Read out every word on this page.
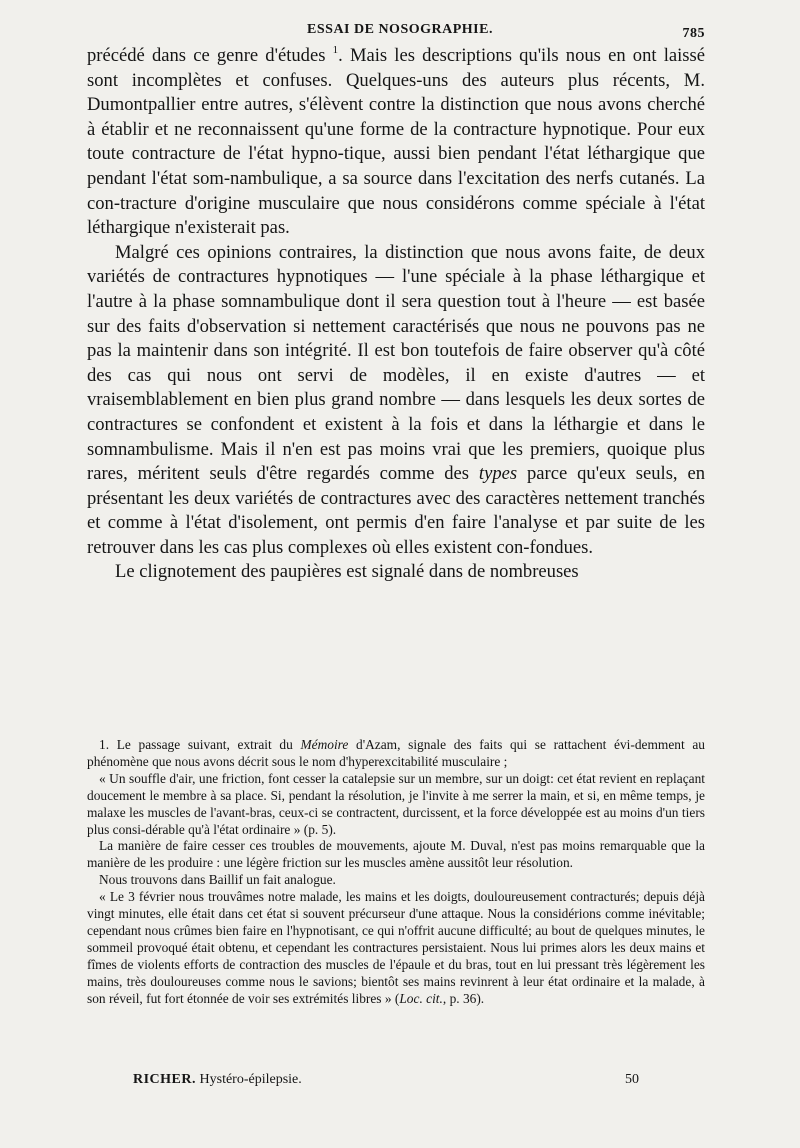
ESSAI DE NOSOGRAPHIE.	785

précédé dans ce genre d'études $^1$. Mais les descriptions qu'ils nous en ont laissé sont incomplètes et confuses. Quelques-uns des auteurs plus récents, M. Dumontpallier entre autres, s'élèvent contre la distinction que nous avons cherché à établir et ne reconnaissent qu'une forme de la contracture hypnotique. Pour eux toute contracture de l'état hypno-tique, aussi bien pendant l'état léthargique que pendant l'état som-nambulique, a sa source dans l'excitation des nerfs cutanés. La con-tracture d'origine musculaire que nous considérons comme spéciale à l'état léthargique n'existerait pas.

Malgré ces opinions contraires, la distinction que nous avons faite, de deux variétés de contractures hypnotiques — l'une spéciale à la phase léthargique et l'autre à la phase somnambulique dont il sera question tout à l'heure — est basée sur des faits d'observation si nettement caractérisés que nous ne pouvons pas ne pas la maintenir dans son intégrité. Il est bon toutefois de faire observer qu'à côté des cas qui nous ont servi de modèles, il en existe d'autres — et vraisemblablement en bien plus grand nombre — dans lesquels les deux sortes de contractures se confondent et existent à la fois et dans la léthargie et dans le somnambulisme. Mais il n'en est pas moins vrai que les premiers, quoique plus rares, méritent seuls d'être regardés comme des types parce qu'eux seuls, en présentant les deux variétés de contractures avec des caractères nettement tranchés et comme à l'état d'isolement, ont permis d'en faire l'analyse et par suite de les retrouver dans les cas plus complexes où elles existent con-fondues.

Le clignotement des paupières est signalé dans de nombreuses

1. Le passage suivant, extrait du Mémoire d'Azam, signale des faits qui se rattachent évi-demment au phénomène que nous avons décrit sous le nom d'hyperexcitabilité musculaire ;

« Un souffle d'air, une friction, font cesser la catalepsie sur un membre, sur un doigt: cet état revient en replaçant doucement le membre à sa place. Si, pendant la résolution, je l'invite à me serrer la main, et si, en même temps, je malaxe les muscles de l'avant-bras, ceux-ci se contractent, durcissent, et la force développée est au moins d'un tiers plus consi-dérable qu'à l'état ordinaire » (p. 5).

La manière de faire cesser ces troubles de mouvements, ajoute M. Duval, n'est pas moins remarquable que la manière de les produire : une légère friction sur les muscles amène aussitôt leur résolution.

Nous trouvons dans Baillif un fait analogue.

« Le 3 février nous trouvâmes notre malade, les mains et les doigts, douloureusement contracturés; depuis déjà vingt minutes, elle était dans cet état si souvent précurseur d'une attaque. Nous la considérions comme inévitable; cependant nous crûmes bien faire en l'hypnotisant, ce qui n'offrit aucune difficulté; au bout de quelques minutes, le sommeil provoqué était obtenu, et cependant les contractures persistaient. Nous lui primes alors les deux mains et fîmes de violents efforts de contraction des muscles de l'épaule et du bras, tout en lui pressant très légèrement les mains, très douloureuses comme nous le savions; bientôt ses mains revinrent à leur état ordinaire et la malade, à son réveil, fut fort étonnée de voir ses extrémités libres » (Loc. cit., p. 36).

RICHER. Hystéro-épilepsie.	50
